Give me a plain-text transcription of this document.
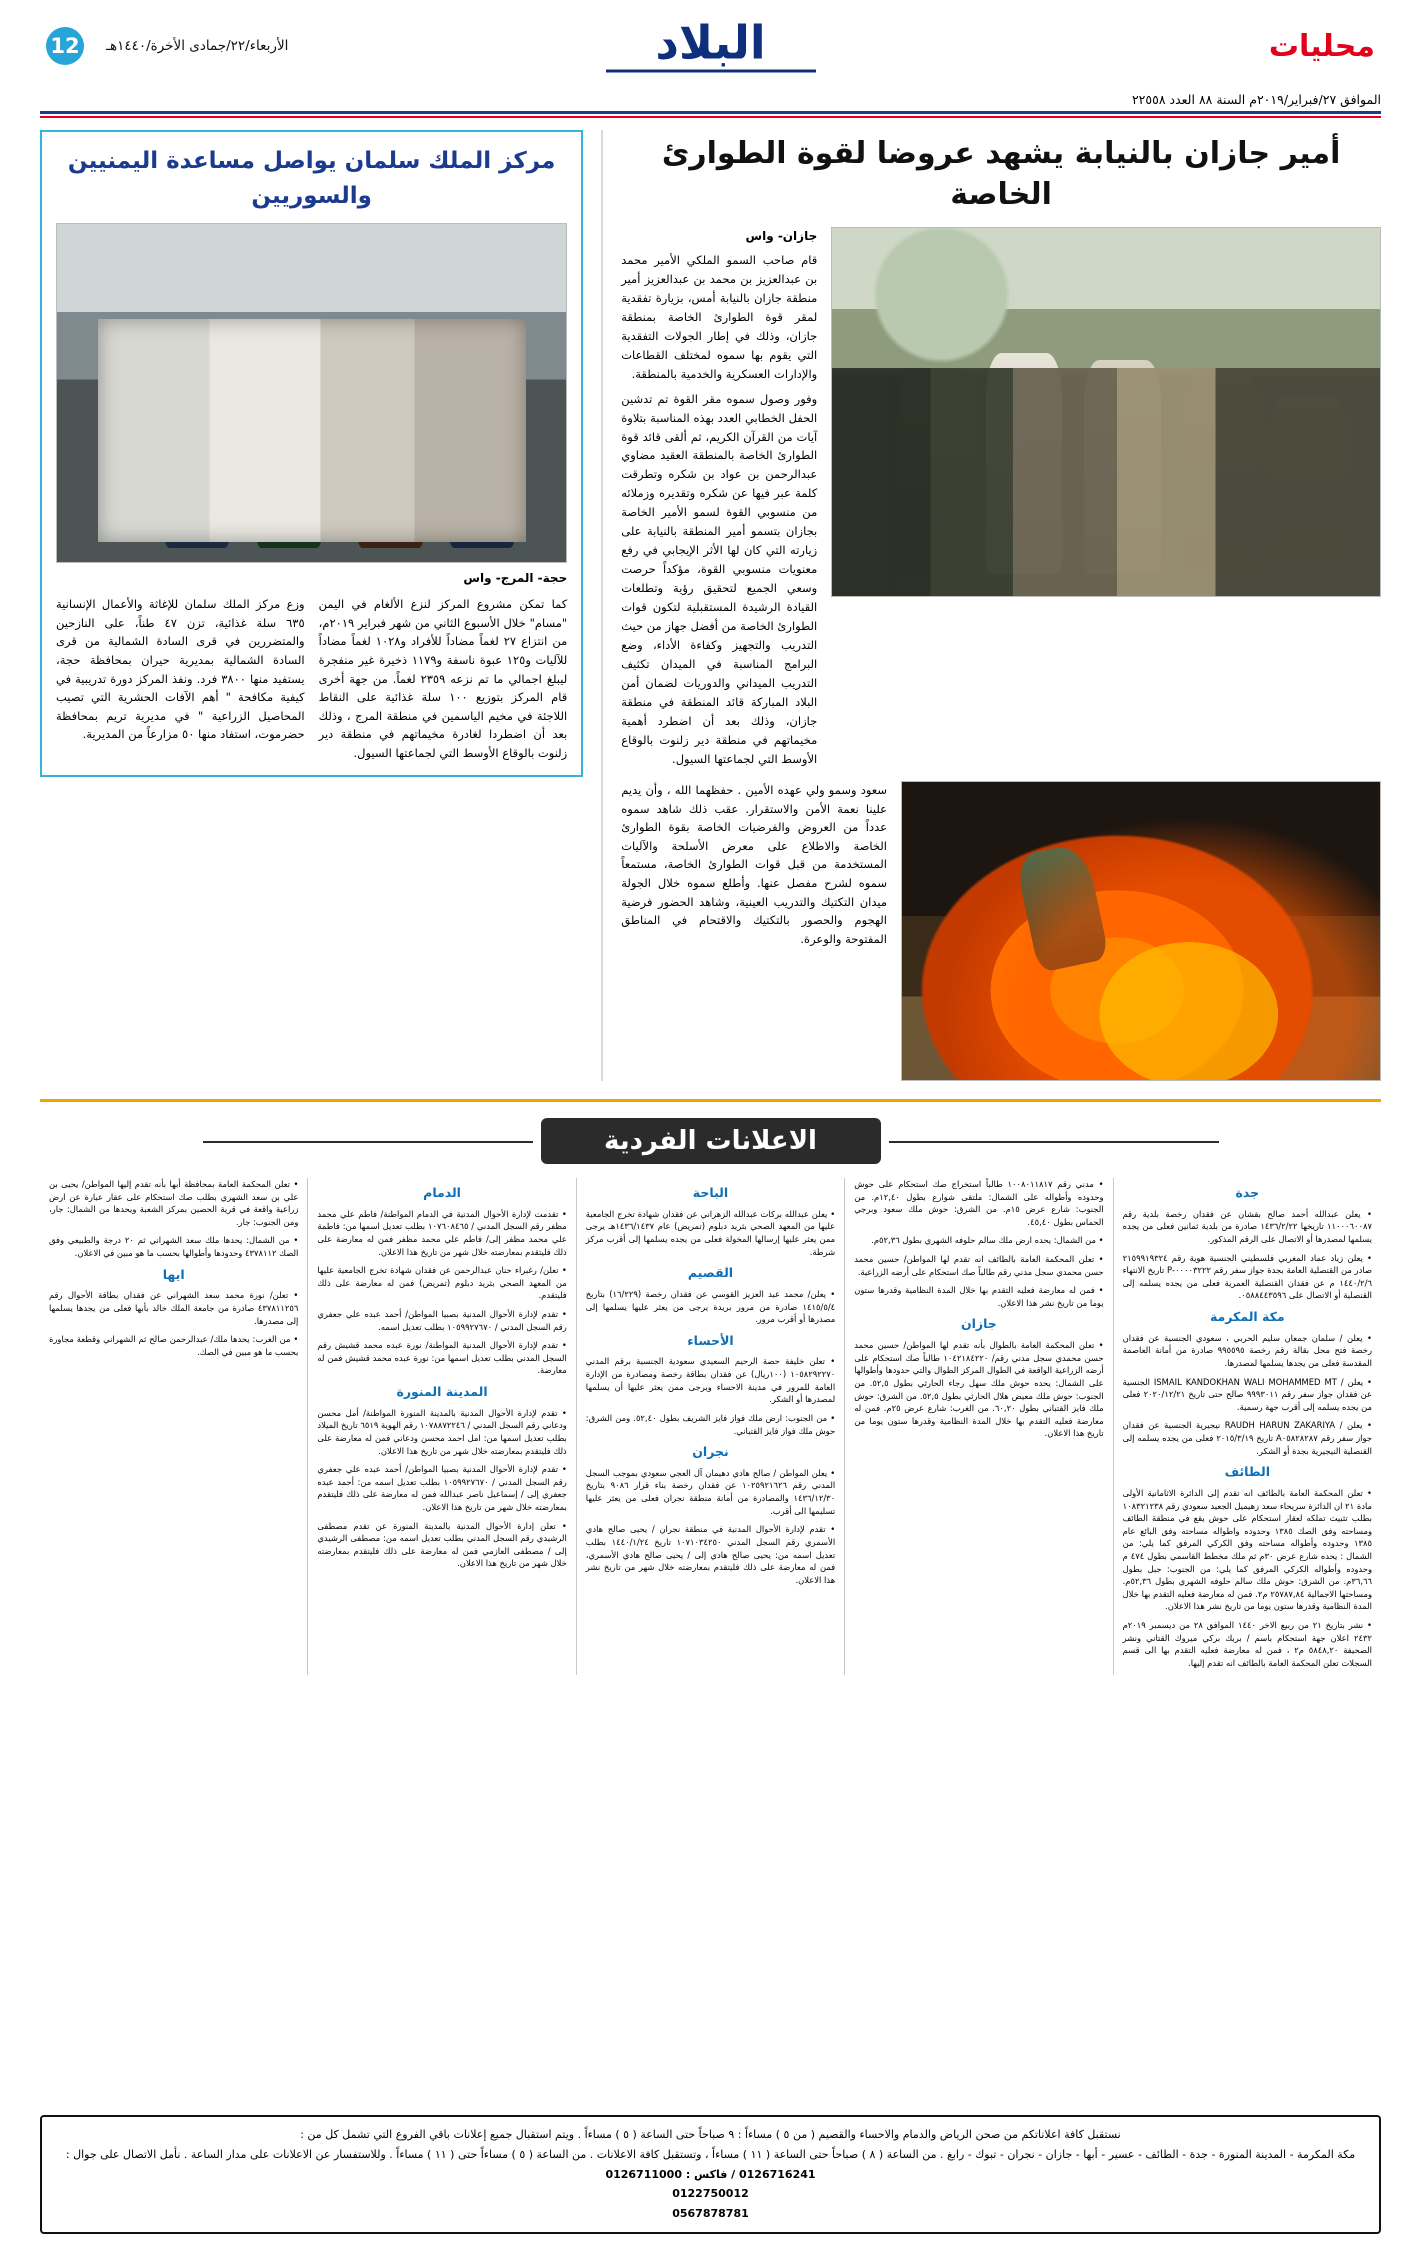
محليات
البلاد
الأربعاء/٢٢/جمادى الأخرة/١٤٤٠هـ
12
الموافق ٢٧/فبراير/٢٠١٩م السنة ٨٨ العدد ٢٢٥٥٨
أمير جازان بالنيابة يشهد عروضا لقوة الطوارئ الخاصة
جازان- واس
قام صاحب السمو الملكي الأمير محمد بن عبدالعزيز بن محمد بن عبدالعزيز أمير منطقة جازان بالنيابة أمس، بزيارة تفقدية لمقر قوة الطوارئ الخاصة بمنطقة جازان، وذلك في إطار الجولات التفقدية التي يقوم بها سموه لمختلف القطاعات والإدارات العسكرية والخدمية بالمنطقة.
وفور وصول سموه مقر القوة تم تدشين الحفل الخطابي العدد بهذه المناسبة بتلاوة آيات من القرآن الكريم، ثم ألقى قائد قوة الطوارئ الخاصة بالمنطقة العقيد مضاوي عبدالرحمن بن عواد بن شكره وتطرقت كلمة عبر فيها عن شكره وتقديره وزملائه من منسوبي القوة لسمو الأمير الخاصة بجازان بتسمو أمير المنطقة بالنيابة على زيارته التي كان لها الأثر الإيجابي في رفع معنويات منسوبي القوة، مؤكداً حرصت وسعي الجميع لتحقيق رؤية وتطلعات القيادة الرشيدة المستقبلية لتكون قوات الطوارئ الخاصة من أفضل جهاز من حيث التدريب والتجهيز وكفاءة الأداء، وضع البرامج المناسبة في الميدان تكثيف التدريب الميداني والدوريات لضمان أمن البلاد المباركة قائد المنطقة في منطقة جازان، وذلك بعد أن اضطرد أهمية مخيماتهم في منطقة دير زلنوت بالوقاع الأوسط التي لجماعتها السيول.
سعود وسمو ولي عهده الأمين . حفظهما الله ، وأن يديم علينا نعمة الأمن والاستقرار. عقب ذلك شاهد سموه عدداً من العروض والفرضيات الخاصة بقوة الطوارئ الخاصة والاطلاع على معرض الأسلحة والآليات المستخدمة من قبل قوات الطوارئ الخاصة، مستمعاً سموه لشرح مفصل عنها. وأطلع سموه خلال الجولة ميدان التكتيك والتدريب العينية، وشاهد الحضور فرضية الهجوم والحصور بالتكتيك والاقتحام في المناطق المفتوحة والوعرة.
مركز الملك سلمان يواصل مساعدة اليمنيين والسوريين
حجة- المرج- واس
كما تمكن مشروع المركز لنزع الألغام في اليمن "مسام" خلال الأسبوع الثاني من شهر فبراير ٢٠١٩م، من انتزاع ٢٧ لغماً مضاداً للأفراد و١٠٢٨ لغماً مضاداً للآليات و١٢٥ عبوة ناسفة و١١٧٩ ذخيرة غير منفجرة ليبلغ اجمالي ما تم نزعه ٢٣٥٩ لغماً. من جهة أخرى قام المركز بتوزيع ١٠٠ سلة غذائية على النقاط اللاجئة في مخيم الياسمين في منطقة المرج ، وذلك بعد أن اضطردا لغادرة مخيماتهم في منطقة دير زلنوت بالوقاع الأوسط التي لجماعتها السيول.
وزع مركز الملك سلمان للإغاثة والأعمال الإنسانية ٦٣٥ سلة غذائية، تزن ٤٧ طناً، على النازحين والمتضررين في قرى السادة الشمالية من قرى السادة الشمالية بمديرية حيران بمحافظة حجة، يستفيد منها ٣٨٠٠ فرد. ونفذ المركز دورة تدريبية في كيفية مكافحة " أهم الآفات الحشرية التي تصيب المحاصيل الزراعية " في مديرية تريم بمحافظة حضرموت، استفاد منها ٥٠ مزارعاً من المديرية.
الاعلانات الفردية
جدة
• يعلن عبدالله أحمد صالح بقشان عن فقدان رخصة بلدية رقم ١١٠٠٠٦٠٠٨٧ تاريخها ١٤٣٦/٢/٢٢ صادرة من بلدية ثمانين فعلى من يجده يسلمها لمصدرها أو الاتصال على الرقم المذكور.
• يعلن زياد عماد المغربي فلسطيني الجنسية هوية رقم ٢١٥٩٩١٩٣٢٤ صادر من القنصلية العامة بجدة جواز سفر رقم ٠٠٠٠٣٢٢٢-P تاريخ الانتهاء ١٤٤٠/٢/٦ م عن فقدان القنصلية العمرية فعلى من يجده يسلمه إلى القنصلية أو الاتصال على ٠٥٨٨٤٤٣٥٩٦.
مكة المكرمة
• يعلن / سلمان جمعان سليم الحربي ، سعودي الجنسية عن فقدان رخصة فتح محل بقالة رقم رخصة ٩٩٥٥٩٥ صادرة من أمانة العاصمة المقدسة فعلى من يجدها يسلمها لمصدرها.
• يعلن / ISMAIL KANDOKHAN WALI MOHAMMED MT الجنسية عن فقدان جواز سفر رقم ٩٩٩٣٠١١ صالح حتى تاريخ ٢٠٢٠/١٢/٢١ فعلى من يجده يسلمه إلى أقرب جهة رسمية.
• يعلن / RAUDH HARUN ZAKARIYA نيجيرية الجنسية عن فقدان جواز سفر رقم A٠٥٨٢٨٢٨٧ تاريخ ٢٠١٥/٣/١٩ فعلى من يجده يسلمه إلى القنصلية النيجيرية بجدة أو الشكر.
الطائف
• تعلن المحكمة العامة بالطائف انه تقدم إلى الدائرة الاثامانية الأولى مادة ٢١ ان الدائرة سريحاء سعد زهيميل الجعيد سعودي رقم ١٠٨٣٢١٢٣٨ بطلب تثبيت تملكه لعقار استحكام على حوش يقع في منطقة الطائف ومساحته وفق الصك ١٣٨٥ وحدوده واطواله مساحته وفق البائع عام ١٣٨٥ وحدوده وأطواله مساحته وفق الكركي المرفق كما يلي: من الشمال : يحده شارع عرض ٣٠م ثم ملك مخطط القاسمي بطول ٤٧٤ م وحدوده وأطواله الكركي المرفق كما يلي: من الجنوب: جبل بطول ٣٦,٦٦م. من الشرق: حوش ملك سالم حلوفه الشهري بطول ٥٢,٣٦م. ومساحتها الاجمالية ٢٥٧٨٧,٨٤ م٢. فمن له معارضة فعليه التقدم بها خلال المدة النظامية وقدرها ستون يوما من تاريخ نشر هذا الاعلان.
• نشر بتاريخ ٢١ من ربيع الاخر ١٤٤٠ الموافق ٢٨ من ديسمبر ٢٠١٩م ٢٤٣٢ اعلان جهة استحكام باسم / بريك بركي ميروك القتاني ونشر الصحيفة ٥٨٤٨,٢٠ م٢ ، فمن له معارضة فعليه التقدم بها الى قسم السجلات تعلن المحكمة العامة بالطائف انه تقدم إليها.
• مدني رقم ١٠٠٨٠١١٨١٧ طالباً استخراج صك استحكام على حوش وحدوده وأطواله على الشمال: ملتقى شوارع بطول ١٢,٤٠م. من الجنوب: شارع عرض ١٥م. من الشرق: حوش ملك سعود وبرجي الحماس بطول ٤٥,٤٠.
• من الشمال: يحده ارض ملك سالم حلوفه الشهري بطول ٥٢,٣٦م.
• تعلن المحكمة العامة بالطائف انه تقدم لها المواطن/ حسين محمد حسن محمدي سجل مدني رقم طالباً صك استحكام على أرضه الزراعية.
• فمن له معارضة فعليه التقدم بها خلال المدة النظامية وقدرها ستون يوما من تاريخ نشر هذا الاعلان.
جازان
• تعلن المحكمة العامة بالطوال بأنه تقدم لها المواطن/ حسين محمد حسن محمدي سجل مدني رقم/ ١٠٤٢١٨٤٢٢٠ طالباً صك استحكام على أرضه الزراعية الواقعة في الطوال المركز الطوال والتي حدودها وأطوالها على الشمال: يحده حوش ملك سهل رجاء الحارثي بطول ٥٢,٥. من الجنوب: حوش ملك معيض هلال الحارثي بطول ٥٢,٥. من الشرق: حوش ملك فايز القتباني بطول ٦٠,٢٠. من الغرب: شارع عرض ٢٥م. فمن له معارضة فعليه التقدم بها خلال المدة النظامية وقدرها ستون يوما من تاريخ هذا الاعلان.
الباحة
• يعلن عبدالله بركات عبدالله الزهراني عن فقدان شهادة تخرج الجامعية عليها من المعهد الصحي بثريد دبلوم (تمريض) عام ١٤٣٦/١٤٣٧هـ يرجى ممن يعثر عليها إرسالها المخولة فعلى من يجده يسلمها إلى أقرب مركز شرطة.
القصيم
• يعلن/ محمد عبد العزيز القوسي عن فقدان رخصة (١٦/٢٢٩) بتاريخ ١٤١٥/٥/٤ صادرة من مرور بريدة يرجى من يعثر عليها يسلمها إلى مصدرها أو أقرب مرور.
الأحساء
• تعلن خليفة حصة الرحيم السعيدي سعودية الجنسية برقم المدني ١٠٥٨٢٩٢٢٧٠ (١٠٠ريال) عن فقدان بطاقة رخصة ومصادرة من الإدارة العامة للمرور في مدينة الاحساء ويرجى ممن يعثر عليها أن يسلمها لمصدرها أو الشكر.
• من الجنوب: ارض ملك فواز فايز الشريف بطول ٥٢,٤٠. ومن الشرق: حوش ملك فواز فايز القتباني.
نجران
• يعلن المواطن / صالح هادي دهيمان آل العجي سعودي بموجب السجل المدني رقم ١٠٢٥٩٢١٦٢٦ عن فقدان رخصة بناء قرار ٩٠٨٦ بتاريخ ١٤٣٦/١٢/٣٠ والمصادرة من أمانة منطقة نجران فعلى من يعثر عليها تسليمها الى أقرب.
• تقدم لإدارة الأحوال المدنية في منطقة نجران / يحيى صالح هادي الأسمري رقم السجل المدني ١٠٧١٠٣٤٢٥٠ تاريخ ١٤٤٠/١/٢٤ بطلب تعديل اسمه من: يحيى صالح هادي إلى / يحيى صالح هادي الأسمري، فمن له معارضة على ذلك فليتقدم بمعارضته خلال شهر من تاريخ نشر هذا الاعلان.
الدمام
• تقدمت لإدارة الأحوال المدنية في الدمام المواطنة/ فاطم علي محمد مظفر رقم السجل المدني / ١٠٧٦٠٨٤٦٥ بطلب تعديل اسمها من: فاطمة علي محمد مظفر إلى/ فاطم علي محمد مظفر فمن له معارضة على ذلك فليتقدم بمعارضته خلال شهر من تاريخ هذا الاعلان.
• تعلن/ رغبراء حنان عبدالرحمن عن فقدان شهادة تخرج الجامعية عليها من المعهد الصحي بثريد دبلوم (تمريض) فمن له معارضة على ذلك فليتقدم.
• تقدم لإدارة الأحوال المدنية بصبيا المواطن/ أحمد عبده علي جعفري رقم السجل المدني / ١٠٥٩٩٢٧٦٧٠ بطلب تعديل اسمه.
• تقدم لإدارة الأحوال المدنية المواطنة/ نورة عبده محمد قشيش رقم السجل المدني بطلب تعديل اسمها من: نورة عبده محمد قشيش فمن له معارضة.
المدينة المنورة
• تقدم لإدارة الأحوال المدنية بالمدينة المنورة المواطنة/ أمل محسن ودعاني رقم السجل المدني / ١٠٧٨٨٧٢٢٤٦ رقم الهوية ٦٥١٩ تاريخ الميلاد بطلب تعديل اسمها من: امل احمد محسن ودعاني فمن له معارضة على ذلك فليتقدم بمعارضته خلال شهر من تاريخ هذا الاعلان.
• تقدم لإدارة الأحوال المدنية بصبيا المواطن/ أحمد عبده علي جعفري رقم السجل المدني / ١٠٥٩٩٢٧٦٧٠ بطلب تعديل اسمه من: أحمد عبده جعفري إلى / إسماعيل ناصر عبدالله فمن له معارضة على ذلك فليتقدم بمعارضته خلال شهر من تاريخ هذا الاعلان.
• تعلن إدارة الأحوال المدنية بالمدينة المنورة عن تقدم مصطفى الرشيدي رقم السجل المدني بطلب تعديل اسمه من: مصطفى الرشيدي إلى / مصطفى العازمي فمن له معارضة على ذلك فليتقدم بمعارضته خلال شهر من تاريخ هذا الاعلان.
• تعلن المحكمة العامة بمحافظة أبها بأنه تقدم إليها المواطن/ يحيى بن علي بن سعد الشهري بطلب صك استحكام على عقار عبارة عن ارض زراعية واقعة في قرية الحصين بمركز الشعبة ويحدها من الشمال: جار، ومن الجنوب: جار.
• من الشمال: يحدها ملك سعد الشهراني ثم ٢٠ درجة والطبيعي وفق الصك ٤٣٧٨١١٢ وحدودها وأطوالها بحسب ما هو مبين في الاعلان.
ايها
• تعلن/ نورة محمد سعد الشهراني عن فقدان بطاقة الأحوال رقم ٤٣٧٨١١٢٥٦ صادرة من جامعة الملك خالد بأبها فعلى من يجدها يسلمها إلى مصدرها.
• من الغرب: يحدها ملك/ عبدالرحمن صالح ثم الشهراني وقطعة مجاورة بحسب ما هو مبين في الصك.
نستقبل كافة اعلاناتكم من صحن الرياض والدمام والاحساء والقصيم ( من ٥ ) مساءاً : ٩ صباحاً حتى الساعة ( ٥ ) مساءاً . ويتم استقبال جميع إعلانات باقي الفروع التي تشمل كل من :
مكة المكرمة - المدينة المنورة - جدة - الطائف - عسير - أبها - جازان - نجران - تبوك - رابغ . من الساعة ( ٨ ) صباحاً حتى الساعة ( ١١ ) مساءاً ، وتستقبل كافة الاعلانات . من الساعة ( ٥ ) مساءاً حتى ( ١١ ) مساءاً . وللاستفسار عن الاعلانات على مدار الساعة . نأمل الاتصال على جوال :
0126716241 / فاكس : 0126711000
0122750012
0567878781
